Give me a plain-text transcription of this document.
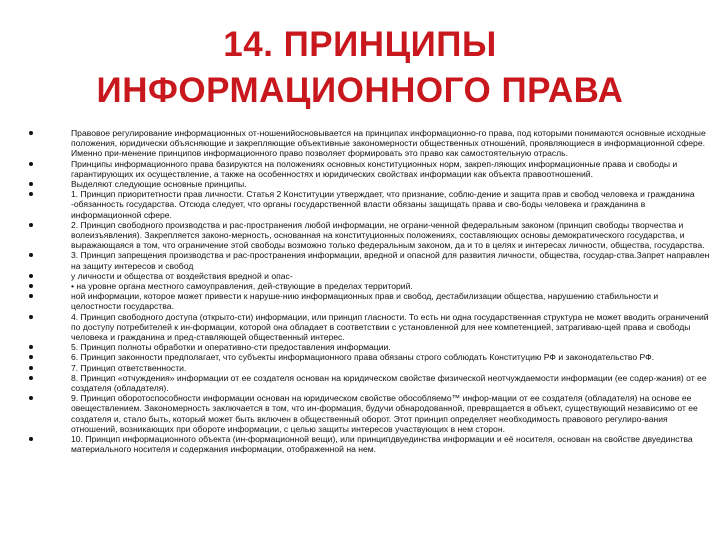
14. ПРИНЦИПЫ
ИНФОРМАЦИОННОГО ПРАВА
Правовое регулирование информационных от-ношенийосновывается на принципах информационно-го права, под которыми понимаются основные исходные положения, юридически объясняющие и закрепляющие объективные закономерности общественных отношений, проявляющиеся в информационной сфере. Именно при-менение принципов информационного право позволяет формировать это право как самостоятельную отрасль.
Принципы информационного права базируются на положениях основных конституционных норм, закреп-ляющих информационные права и свободы и гарантирующих их осуществление, а также на особенностях и юридических свойствах информации как объекта правоотношений.
Выделяют следующие основные принципы.
1. Принцип приоритетности прав личности. Статья 2 Конституции утверждает, что признание, соблю-дение и защита прав и свобод человека и гражданина -обязанность государства. Отсюда следует, что органы государственной власти обязаны защищать права и сво-боды человека и гражданина в информационной сфере.
2. Принцип свободного производства и рас-пространения любой информации, не ограни-ченной федеральным законом (принцип свободы творчества и волеизъявления). Закрепляется законо-мерность, основанная на конституционных положениях, составляющих основы демократического государства, и выражающаяся в том, что ограничение этой свободы возможно только федеральным законом, да и то в целях и интересах личности, общества, государства.
3. Принцип запрещения производства и рас-пространения информации, вредной и опасной для развития личности, общества, государ-ства.Запрет направлен на защиту интересов и свобод
у личности и общества от воздействия вредной и опас-
• на уровне органа местного самоуправления, дей-ствующие в пределах территорий.
ной информации, которое может привести к наруше-нию информационных прав и свобод, дестабилизации общества, нарушению стабильности и целостности государства.
4. Принцип свободного доступа (открыто-сти) информации, или принцип гласности. То есть ни одна государственная структура не может вводить ограничений по доступу потребителей к ин-формации, которой она обладает в соответствии с установленной для нее компетенцией, затрагиваю-щей права и свободы человека и гражданина и пред-ставляющей общественный интерес.
5. Принцип полноты обработки и оперативно-сти предоставления информации.
6. Принцип законности предполагает, что субъекты информационного права обязаны строго соблюдать Конституцию РФ и законодательство РФ.
7. Принцип ответственности.
8. Принцип «отчуждения» информации от ее создателя основан на юридическом свойстве физической неотчуждаемости информации (ее содер-жания) от ее создателя (обладателя).
9. Принцип оборотоспособности информации основан на юридическом свойстве обособляемо™ инфор-мации от ее создателя (обладателя) на основе ее овеществлением. Закономерность заключается в том, что ин-формация, будучи обнародованной, превращается в объект, существующий независимо от ее создателя и, стало быть, который может быть включен в общественный оборот. Этот принцип определяет необходимость правового регулиро-вания отношений, возникающих при обороте информации, с целью защиты интересов участвующих в нем сторон.
10. Принцип информационного объекта (ин-формационной вещи), или принципдвуединства информации и её носителя, основан на свойстве двуединства материального носителя и содержания информации, отображенной на нем.
